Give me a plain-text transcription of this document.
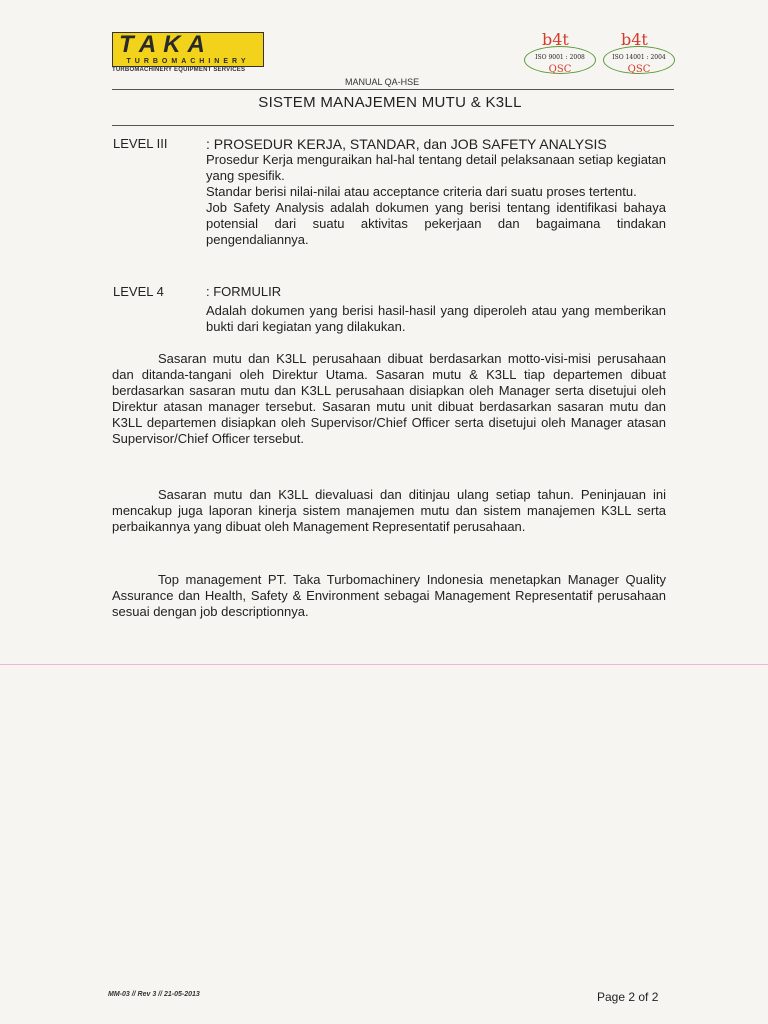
TAKA
TURBOMACHINERY
TURBOMACHINERY EQUIPMENT SERVICES
b4t
ISO 9001 : 2008
QSC
b4t
ISO 14001 : 2004
QSC
MANUAL QA-HSE
SISTEM MANAJEMEN MUTU & K3LL
LEVEL III	: PROSEDUR KERJA, STANDAR, dan JOB SAFETY ANALYSIS

Prosedur Kerja menguraikan hal-hal tentang detail pelaksanaan setiap kegiatan yang spesifik.

Standar berisi nilai-nilai atau acceptance criteria dari suatu proses tertentu.

Job Safety Analysis adalah dokumen yang berisi tentang identifikasi bahaya potensial dari suatu aktivitas pekerjaan dan bagaimana tindakan pengendaliannya.

LEVEL 4	: FORMULIR
Adalah dokumen yang berisi hasil-hasil yang diperoleh atau yang memberikan bukti dari kegiatan yang dilakukan.
Sasaran mutu dan K3LL perusahaan dibuat berdasarkan motto-visi-misi perusahaan dan ditanda-tangani oleh Direktur Utama. Sasaran mutu & K3LL tiap departemen dibuat berdasarkan sasaran mutu dan K3LL perusahaan disiapkan oleh Manager serta disetujui oleh Direktur atasan manager tersebut. Sasaran mutu unit dibuat berdasarkan sasaran mutu dan K3LL departemen disiapkan oleh Supervisor/Chief Officer serta disetujui oleh Manager atasan Supervisor/Chief Officer tersebut.
Sasaran mutu dan K3LL dievaluasi dan ditinjau ulang setiap tahun. Peninjauan ini mencakup juga laporan kinerja sistem manajemen mutu dan sistem manajemen K3LL serta perbaikannya yang dibuat oleh Management Representatif perusahaan.
Top management PT. Taka Turbomachinery Indonesia menetapkan Manager Quality Assurance dan Health, Safety & Environment sebagai Management Representatif perusahaan sesuai dengan job descriptionnya.
MM-03 // Rev 3 // 21-05-2013	Page 2 of 2
